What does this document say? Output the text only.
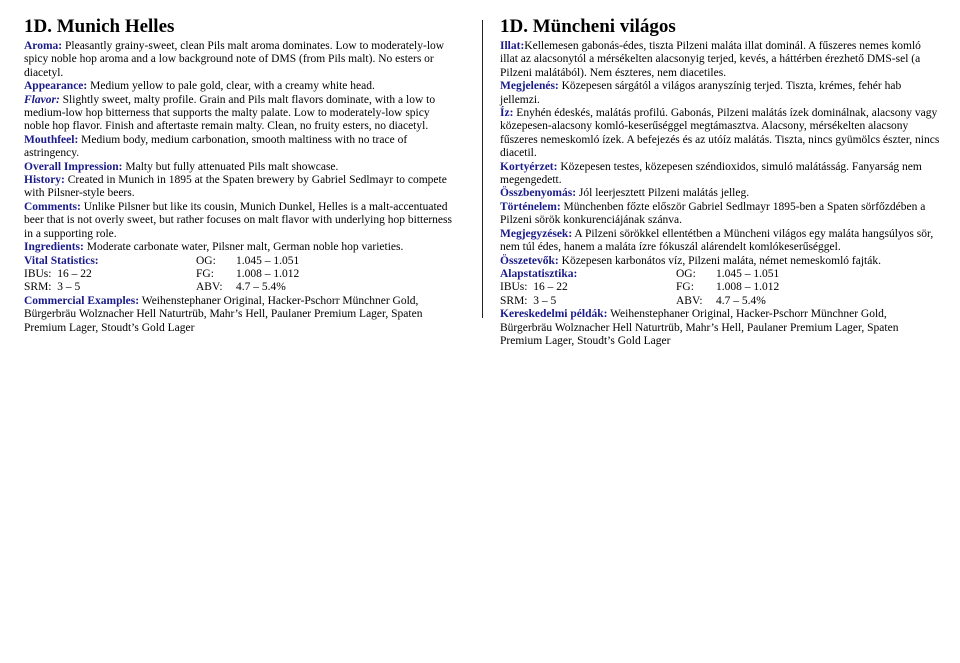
1D. Munich Helles

Aroma: Pleasantly grainy-sweet, clean Pils malt aroma dominates. Low to moderately-low spicy noble hop aroma and a low background note of DMS (from Pils malt). No esters or diacetyl.

Appearance: Medium yellow to pale gold, clear, with a creamy white head.

Flavor: Slightly sweet, malty profile. Grain and Pils malt flavors dominate, with a low to medium-low hop bitterness that supports the malty palate. Low to moderately-low spicy noble hop flavor. Finish and aftertaste remain malty. Clean, no fruity esters, no diacetyl.

Mouthfeel: Medium body, medium carbonation, smooth maltiness with no trace of astringency.

Overall Impression: Malty but fully attenuated Pils malt showcase.

History: Created in Munich in 1895 at the Spaten brewery by Gabriel Sedlmayr to compete with Pilsner-style beers.

Comments: Unlike Pilsner but like its cousin, Munich Dunkel, Helles is a malt-accentuated beer that is not overly sweet, but rather focuses on malt flavor with underlying hop bitterness in a supporting role.

Ingredients: Moderate carbonate water, Pilsner malt, German noble hop varieties.

Vital Statistics:	OG:	1.045 – 1.051
IBUs: 16 – 22	FG:	1.008 – 1.012
SRM: 3 – 5	ABV:	4.7 – 5.4%

Commercial Examples: Weihenstephaner Original, Hacker-Pschorr Münchner Gold, Bürgerbräu Wolznacher Hell Naturtrüb, Mahr’s Hell, Paulaner Premium Lager, Spaten Premium Lager, Stoudt’s Gold Lager

1D. Müncheni világos

Illat:Kellemesen gabonás-édes, tiszta Pilzeni maláta illat dominál. A fűszeres nemes komló illat az alacsonytól a mérsékelten alacsonyig terjed, kevés, a háttérben érezhető DMS-sel (a Pilzeni malátából). Nem észteres, nem diacetiles.

Megjelenés: Közepesen sárgától a világos aranyszínig terjed. Tiszta, krémes, fehér hab jellemzi.

Íz: Enyhén édeskés, malátás profilú. Gabonás, Pilzeni malátás ízek dominálnak, alacsony vagy közepesen-alacsony komló-keserűséggel megtámasztva. Alacsony, mérsékelten alacsony fűszeres nemeskomló ízek. A befejezés és az utóíz malátás. Tiszta, nincs gyümölcs észter, nincs diacetil.

Kortyérzet: Közepesen testes, közepesen széndioxidos, simuló malátásság. Fanyarság nem megengedett.

Összbenyomás: Jól leerjesztett Pilzeni malátás jelleg.

Történelem: Münchenben főzte először Gabriel Sedlmayr 1895-ben a Spaten sörfőzdében a Pilzeni sörök konkurenciájának szánva.

Megjegyzések: A Pilzeni sörökkel ellentétben a Müncheni világos egy maláta hangsúlyos sör, nem túl édes, hanem a maláta ízre fókuszál alárendelt komlókeserűséggel.

Összetevők: Közepesen karbonátos víz, Pilzeni maláta, német nemeskomló fajták.

Alapstatisztika:	OG:	1.045 – 1.051
IBUs: 16 – 22	FG:	1.008 – 1.012
SRM: 3 – 5	ABV:	4.7 – 5.4%

Kereskedelmi példák: Weihenstephaner Original, Hacker-Pschorr Münchner Gold, Bürgerbräu Wolznacher Hell Naturtrüb, Mahr’s Hell, Paulaner Premium Lager, Spaten Premium Lager, Stoudt’s Gold Lager
